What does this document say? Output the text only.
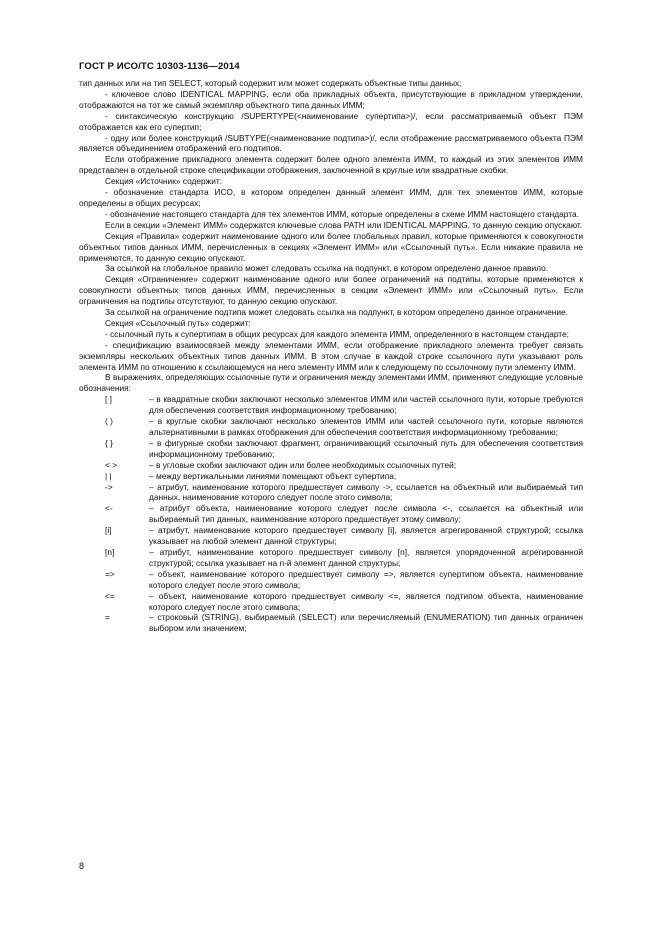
ГОСТ Р ИСО/ТС 10303-1136—2014

тип данных или на тип SELECT, который содержит или может содержать объектные типы данных;

- ключевое слово IDENTICAL MAPPING, если оба прикладных объекта, присутствующие в прикладном утверждении, отображаются на тот же самый экземпляр объектного типа данных ИММ;

- синтаксическую конструкцию /SUPERTYPE(<наименование супертипа>)/, если рассматриваемый объект ПЭМ отображается как его супертип;

- одну или более конструкций /SUBTYPE(<наименование подтипа>)/, если отображение рассматриваемого объекта ПЭМ является объединением отображений его подтипов.

Если отображение прикладного элемента содержит более одного элемента ИММ, то каждый из этих элементов ИММ представлен в отдельной строке спецификации отображения, заключенной в круглые или квадратные скобки.

Секция «Источник» содержит:

- обозначение стандарта ИСО, в котором определен данный элемент ИММ, для тех элементов ИММ, которые определены в общих ресурсах;

- обозначение настоящего стандарта для тех элементов ИММ, которые определены в схеме ИММ настоящего стандарта.

Если в секции «Элемент ИММ» содержатся ключевые слова PATH или IDENTICAL MAPPING, то данную секцию опускают.

Секция «Правила» содержит наименование одного или более глобальных правил, которые применяются к совокупности объектных типов данных ИММ, перечисленных в секциях «Элемент ИММ» или «Ссылочный путь». Если никакие правила не применяются, то данную секцию опускают.

За ссылкой на глобальное правило может следовать ссылка на подпункт, в котором определено данное правило.

Секция «Ограничение» содержит наименование одного или более ограничений на подтипы, которые применяются к совокупности объектных типов данных ИММ, перечисленных в секции «Элемент ИММ» или «Ссылочный путь». Если ограничения на подтипы отсутствуют, то данную секцию опускают.

За ссылкой на ограничение подтипа может следовать ссылка на подпункт, в котором определено данное ограничение.

Секция «Ссылочный путь» содержит:

- ссылочный путь к супертипам в общих ресурсах для каждого элемента ИММ, определенного в настоящем стандарте;

- спецификацию взаимосвязей между элементами ИММ, если отображение прикладного элемента требует связать экземпляры нескольких объектных типов данных ИММ. В этом случае в каждой строке ссылочного пути указывают роль элемента ИММ по отношению к ссылающемуся на него элементу ИММ или к следующему по ссылочному пути элементу ИММ.

В выражениях, определяющих ссылочные пути и ограничения между элементами ИММ, применяют следующие условные обозначения:

[ ]	– в квадратные скобки заключают несколько элементов ИММ или частей ссылочного пути, которые требуются для обеспечения соответствия информационному требованию;
( )	– в круглые скобки заключают несколько элементов ИММ или частей ссылочного пути, которые являются альтернативными в рамках отображения для обеспечения соответствия информационному требованию;
{ }	– в фигурные скобки заключают фрагмент, ограничивающий ссылочный путь для обеспечения соответствия информационному требованию;
< >	– в угловые скобки заключают один или более необходимых ссылочных путей;
| |	– между вертикальными линиями помещают объект супертипа;
->	– атрибут, наименование которого предшествует символу ->, ссылается на объектный или выбираемый тип данных, наименование которого следует после этого символа;
<-	– атрибут объекта, наименование которого следует после символа <-, ссылается на объектный или выбираемый тип данных, наименование которого предшествует этому символу;
[i]	– атрибут, наименование которого предшествует символу [i], является агрегированной структурой; ссылка указывает на любой элемент данной структуры;
[n]	– атрибут, наименование которого предшествует символу [n], является упорядоченной агрегированной структурой; ссылка указывает на n-й элемент данной структуры;
=>	– объект, наименование которого предшествует символу =>, является супертипом объекта, наименование которого следует после этого символа;
<=	– объект, наименование которого предшествует символу <=, является подтипом объекта, наименование которого следует после этого символа;
=	– строковый (STRING), выбираемый (SELECT) или перечисляемый (ENUMERATION) тип данных ограничен выбором или значением;
8
